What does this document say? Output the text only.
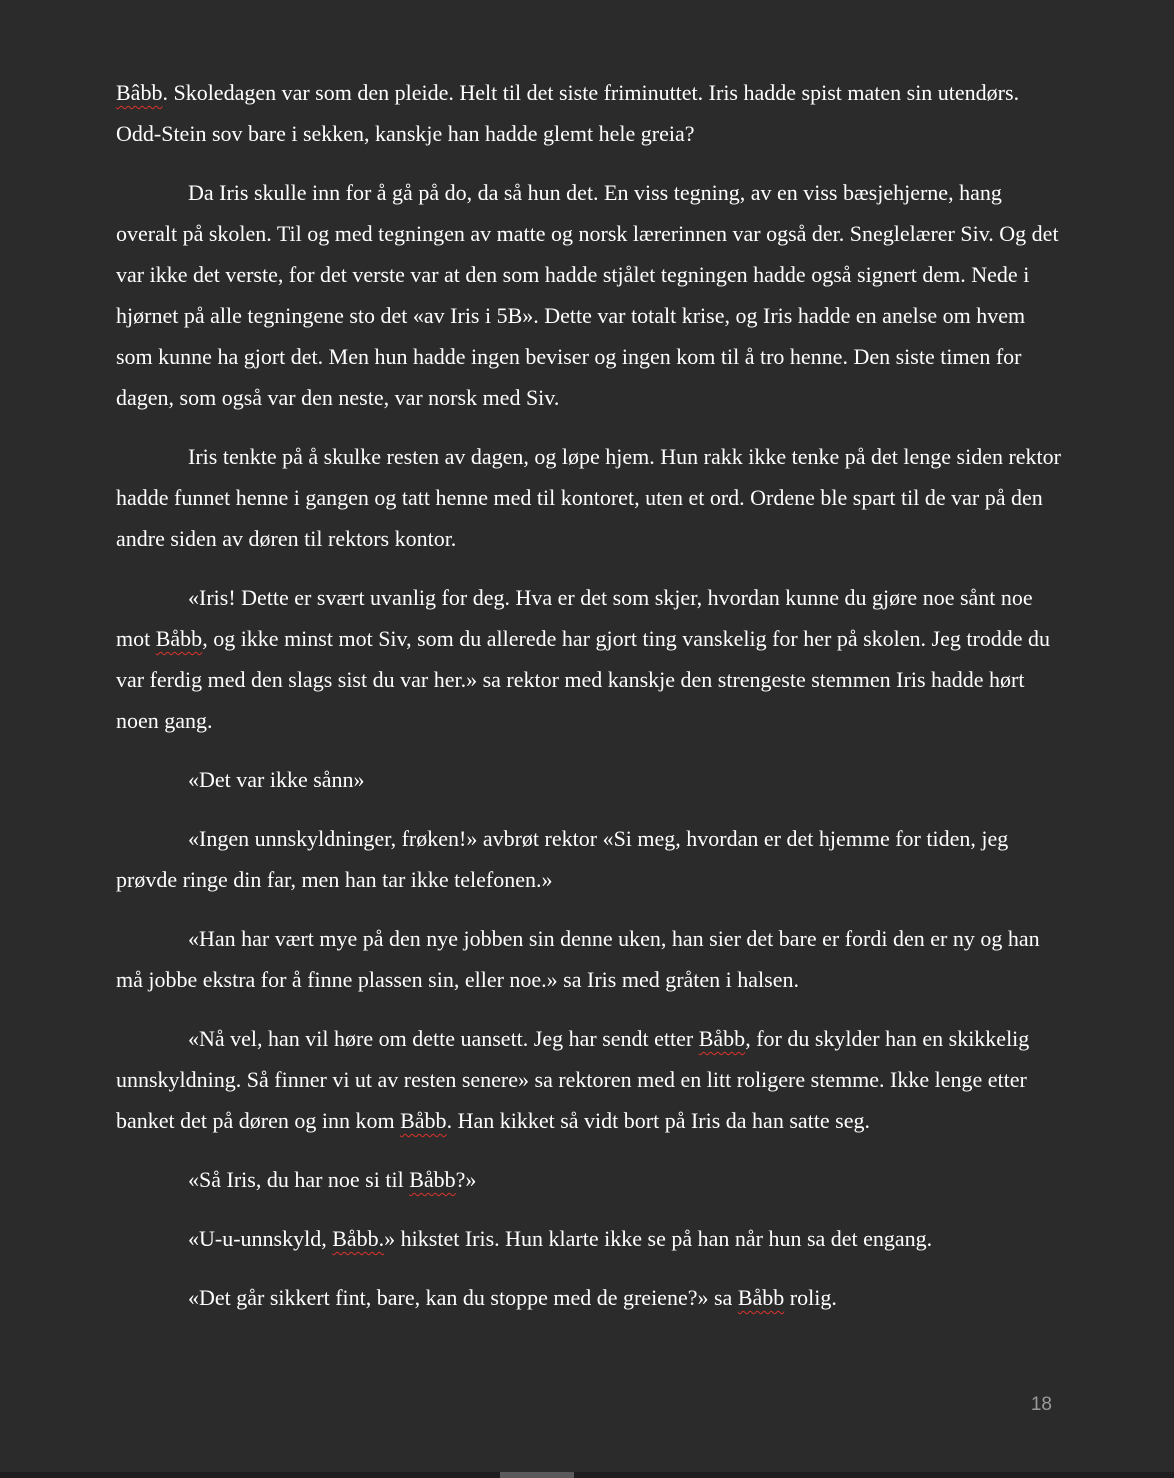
Bâbb. Skoledagen var som den pleide. Helt til det siste friminuttet. Iris hadde spist maten sin utendørs. Odd-Stein sov bare i sekken, kanskje han hadde glemt hele greia?

Da Iris skulle inn for å gå på do, da så hun det. En viss tegning, av en viss bæsjehjerne, hang overalt på skolen. Til og med tegningen av matte og norsk lærerinnen var også der. Sneglelærer Siv. Og det var ikke det verste, for det verste var at den som hadde stjålet tegningen hadde også signert dem. Nede i hjørnet på alle tegningene sto det «av Iris i 5B». Dette var totalt krise, og Iris hadde en anelse om hvem som kunne ha gjort det. Men hun hadde ingen beviser og ingen kom til å tro henne. Den siste timen for dagen, som også var den neste, var norsk med Siv.

Iris tenkte på å skulke resten av dagen, og løpe hjem. Hun rakk ikke tenke på det lenge siden rektor hadde funnet henne i gangen og tatt henne med til kontoret, uten et ord. Ordene ble spart til de var på den andre siden av døren til rektors kontor.

«Iris! Dette er svært uvanlig for deg. Hva er det som skjer, hvordan kunne du gjøre noe sånt noe mot Båbb, og ikke minst mot Siv, som du allerede har gjort ting vanskelig for her på skolen. Jeg trodde du var ferdig med den slags sist du var her.» sa rektor med kanskje den strengeste stemmen Iris hadde hørt noen gang.

«Det var ikke sånn»

«Ingen unnskyldninger, frøken!» avbrøt rektor «Si meg, hvordan er det hjemme for tiden, jeg prøvde ringe din far, men han tar ikke telefonen.»

«Han har vært mye på den nye jobben sin denne uken, han sier det bare er fordi den er ny og han må jobbe ekstra for å finne plassen sin, eller noe.» sa Iris med gråten i halsen.

«Nå vel, han vil høre om dette uansett. Jeg har sendt etter Båbb, for du skylder han en skikkelig unnskyldning. Så finner vi ut av resten senere» sa rektoren med en litt roligere stemme. Ikke lenge etter banket det på døren og inn kom Båbb. Han kikket så vidt bort på Iris da han satte seg.

«Så Iris, du har noe si til Båbb?»

«U-u-unnskyld, Båbb.» hikstet Iris. Hun klarte ikke se på han når hun sa det engang.

«Det går sikkert fint, bare, kan du stoppe med de greiene?» sa Båbb rolig.

18
